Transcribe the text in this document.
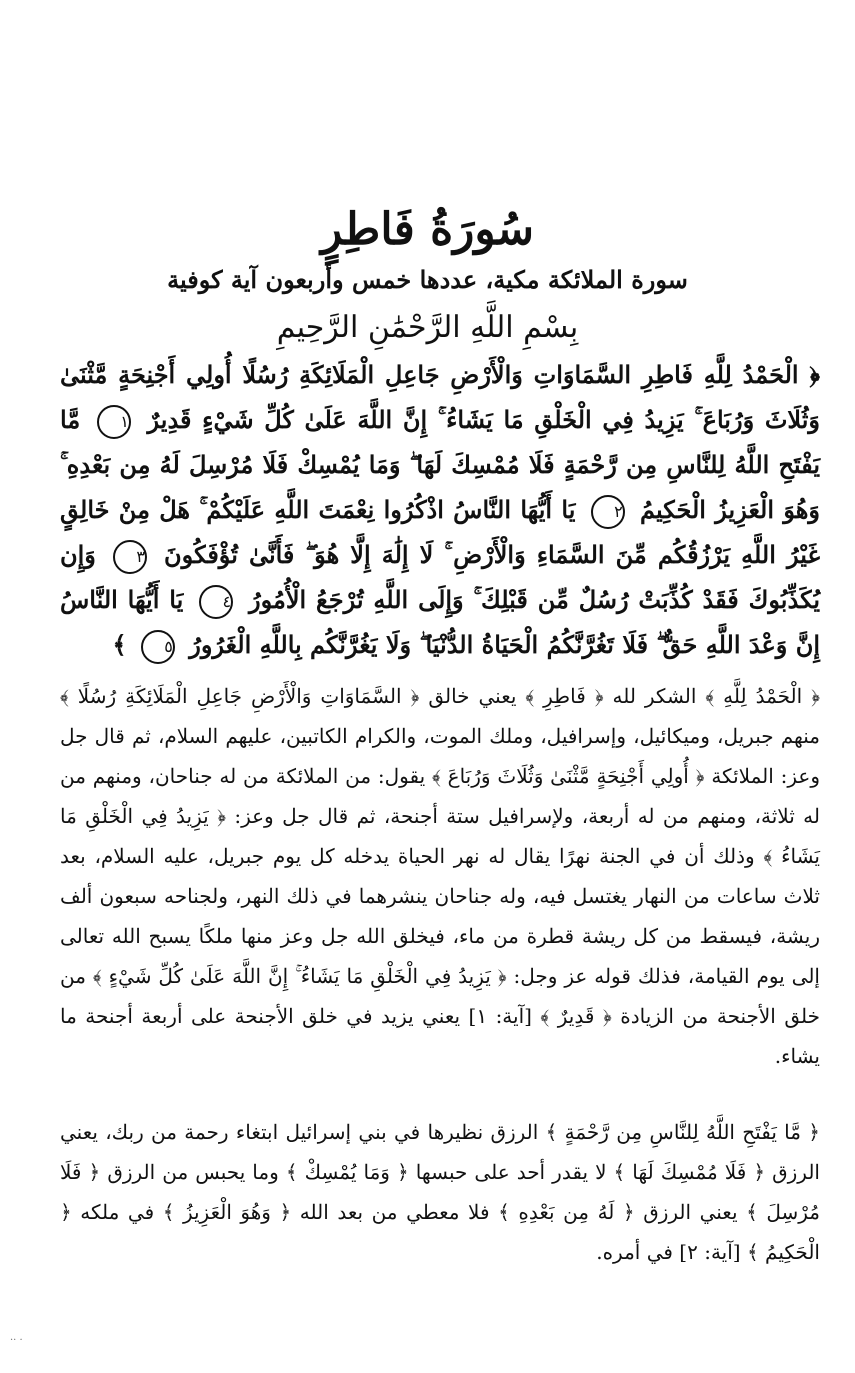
سُورَةُ فَاطِرٍ
سورة الملائكة مكية، عددها خمس وأربعون آية كوفية
بِسْمِ اللَّهِ الرَّحْمَٰنِ الرَّحِيمِ
﴿ الْحَمْدُ لِلَّهِ فَاطِرِ السَّمَاوَاتِ وَالْأَرْضِ جَاعِلِ الْمَلَائِكَةِ رُسُلًا أُولِي أَجْنِحَةٍ مَّثْنَىٰ وَثُلَاثَ وَرُبَاعَ ۚ يَزِيدُ فِي الْخَلْقِ مَا يَشَاءُ ۚ إِنَّ اللَّهَ عَلَىٰ كُلِّ شَيْءٍ قَدِيرٌ ١ مَّا يَفْتَحِ اللَّهُ لِلنَّاسِ مِن رَّحْمَةٍ فَلَا مُمْسِكَ لَهَا ۖ وَمَا يُمْسِكْ فَلَا مُرْسِلَ لَهُ مِن بَعْدِهِ ۚ وَهُوَ الْعَزِيزُ الْحَكِيمُ ٢ يَا أَيُّهَا النَّاسُ اذْكُرُوا نِعْمَتَ اللَّهِ عَلَيْكُمْ ۚ هَلْ مِنْ خَالِقٍ غَيْرُ اللَّهِ يَرْزُقُكُم مِّنَ السَّمَاءِ وَالْأَرْضِ ۚ لَا إِلَٰهَ إِلَّا هُوَ ۖ فَأَنَّىٰ تُؤْفَكُونَ ٣ وَإِن يُكَذِّبُوكَ فَقَدْ كُذِّبَتْ رُسُلٌ مِّن قَبْلِكَ ۚ وَإِلَى اللَّهِ تُرْجَعُ الْأُمُورُ ٤ يَا أَيُّهَا النَّاسُ إِنَّ وَعْدَ اللَّهِ حَقٌّ ۖ فَلَا تَغُرَّنَّكُمُ الْحَيَاةُ الدُّنْيَا ۖ وَلَا يَغُرَّنَّكُم بِاللَّهِ الْغَرُورُ ٥ ﴾
﴿ الْحَمْدُ لِلَّهِ ﴾ الشكر لله ﴿ فَاطِرِ ﴾ يعني خالق ﴿ السَّمَاوَاتِ وَالْأَرْضِ جَاعِلِ الْمَلَائِكَةِ رُسُلًا ﴾ منهم جبريل، وميكائيل، وإسرافيل، وملك الموت، والكرام الكاتبين، عليهم السلام، ثم قال جل وعز: الملائكة ﴿ أُولِي أَجْنِحَةٍ مَّثْنَىٰ وَثُلَاثَ وَرُبَاعَ ﴾ يقول: من الملائكة من له جناحان، ومنهم من له ثلاثة، ومنهم من له أربعة، ولإسرافيل ستة أجنحة، ثم قال جل وعز: ﴿ يَزِيدُ فِي الْخَلْقِ مَا يَشَاءُ ﴾ وذلك أن في الجنة نهرًا يقال له نهر الحياة يدخله كل يوم جبريل، عليه السلام، بعد ثلاث ساعات من النهار يغتسل فيه، وله جناحان ينشرهما في ذلك النهر، ولجناحه سبعون ألف ريشة، فيسقط من كل ريشة قطرة من ماء، فيخلق الله جل وعز منها ملكًا يسبح الله تعالى إلى يوم القيامة، فذلك قوله عز وجل: ﴿ يَزِيدُ فِي الْخَلْقِ مَا يَشَاءُ ۚ إِنَّ اللَّهَ عَلَىٰ كُلِّ شَيْءٍ ﴾ من خلق الأجنحة من الزيادة ﴿ قَدِيرٌ ﴾ [آية: ١] يعني يزيد في خلق الأجنحة على أربعة أجنحة ما يشاء.
﴿ مَّا يَفْتَحِ اللَّهُ لِلنَّاسِ مِن رَّحْمَةٍ ﴾ الرزق نظيرها في بني إسرائيل ابتغاء رحمة من ربك، يعني الرزق ﴿ فَلَا مُمْسِكَ لَهَا ﴾ لا يقدر أحد على حبسها ﴿ وَمَا يُمْسِكْ ﴾ وما يحبس من الرزق ﴿ فَلَا مُرْسِلَ ﴾ يعني الرزق ﴿ لَهُ مِن بَعْدِهِ ﴾ فلا معطي من بعد الله ﴿ وَهُوَ الْعَزِيزُ ﴾ في ملكه ﴿ الْحَكِيمُ ﴾ [آية: ٢] في أمره.
·· ·
